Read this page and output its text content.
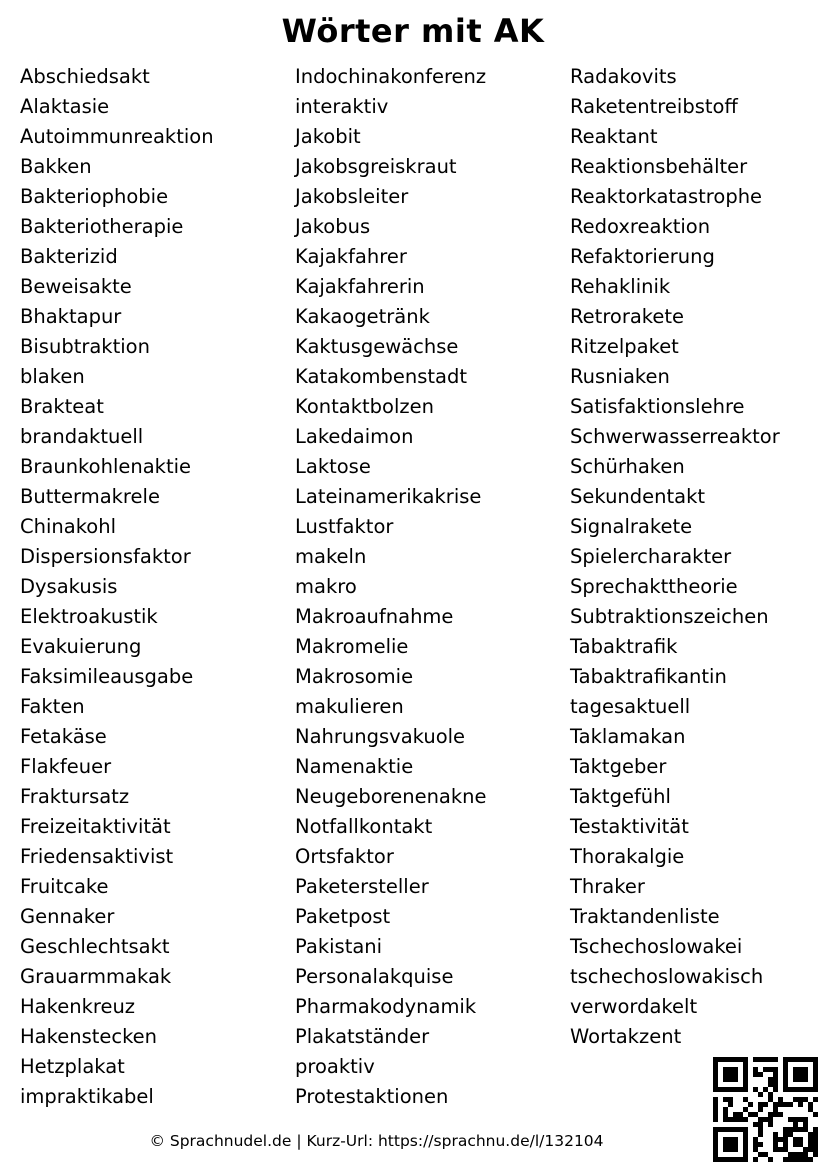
Wörter mit AK
Abschiedsakt
Alaktasie
Autoimmunreaktion
Bakken
Bakteriophobie
Bakteriotherapie
Bakterizid
Beweisakte
Bhaktapur
Bisubtraktion
blaken
Brakteat
brandaktuell
Braunkohlenaktie
Buttermakrele
Chinakohl
Dispersionsfaktor
Dysakusis
Elektroakustik
Evakuierung
Faksimileausgabe
Fakten
Fetakäse
Flakfeuer
Fraktursatz
Freizeitaktivität
Friedensaktivist
Fruitcake
Gennaker
Geschlechtsakt
Grauarmmakak
Hakenkreuz
Hakenstecken
Hetzplakat
impraktikabel
Indochinakonferenz
interaktiv
Jakobit
Jakobsgreiskraut
Jakobsleiter
Jakobus
Kajakfahrer
Kajakfahrerin
Kakaogetränk
Kaktusgewächse
Katakombenstadt
Kontaktbolzen
Lakedaimon
Laktose
Lateinamerikakrise
Lustfaktor
makeln
makro
Makroaufnahme
Makromelie
Makrosomie
makulieren
Nahrungsvakuole
Namenaktie
Neugeborenenakne
Notfallkontakt
Ortsfaktor
Paketersteller
Paketpost
Pakistani
Personalakquise
Pharmakodynamik
Plakatständer
proaktiv
Protestaktionen
Radakovits
Raketentreibstoff
Reaktant
Reaktionsbehälter
Reaktorkatastrophe
Redoxreaktion
Refaktorierung
Rehaklinik
Retrorakete
Ritzelpaket
Rusniaken
Satisfaktionslehre
Schwerwasserreaktor
Schürhaken
Sekundentakt
Signalrakete
Spielercharakter
Sprechakttheorie
Subtraktionszeichen
Tabaktrafik
Tabaktrafikantin
tagesaktuell
Taklamakan
Taktgeber
Taktgefühl
Testaktivität
Thorakalgie
Thraker
Traktandenliste
Tschechoslowakei
tschechoslowakisch
verwordakelt
Wortakzent
© Sprachnudel.de | Kurz-Url: https://sprachnu.de/l/132104
